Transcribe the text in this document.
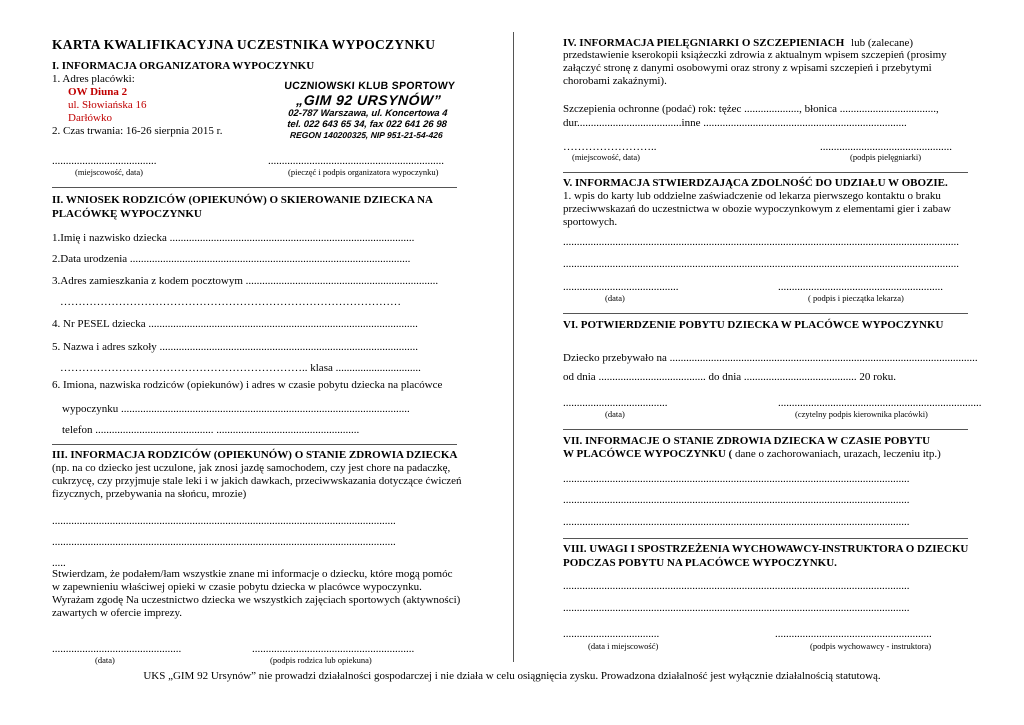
KARTA KWALIFIKACYJNA UCZESTNIKA WYPOCZYNKU
I. INFORMACJA ORGANIZATORA WYPOCZYNKU
1. Adres placówki:
OW Diuna 2
ul. Słowiańska 16
Darłówko
2. Czas trwania: 16-26 sierpnia 2015 r.
UCZNIOWSKI KLUB SPORTOWY
„GIM 92 URSYNÓW”
02-787 Warszawa, ul. Koncertowa 4
tel. 022 643 65 34, fax 022 641 26 98
REGON 140200325, NIP 951-21-54-426
......................................	................................................................
(miejscowość, data)	(pieczęć i podpis organizatora wypoczynku)
II. WNIOSEK RODZICÓW (OPIEKUNÓW) O SKIEROWANIE DZIECKA NA
PLACÓWKĘ WYPOCZYNKU
1.Imię i nazwisko dziecka .........................................................................................
2.Data urodzenia ......................................................................................................
3.Adres zamieszkania z kodem pocztowym ......................................................................
…………………………………………………………………………………
4. Nr PESEL dziecka ..................................................................................................
5. Nazwa i adres szkoły ..............................................................................................
………………………………………………………….. klasa ...............................
6. Imiona, nazwiska rodziców (opiekunów) i adres w czasie pobytu dziecka na placówce
wypoczynku .........................................................................................................
telefon ........................................... ....................................................
III. INFORMACJA RODZICÓW (OPIEKUNÓW) O STANIE ZDROWIA DZIECKA
(np. na co dziecko jest uczulone, jak znosi jazdę samochodem, czy jest chore na padaczkę, cukrzycę, czy przyjmuje stale leki i w jakich dawkach, przeciwwskazania dotyczące ćwiczeń fizycznych, przebywania na słońcu, mrozie)
.............................................................................................................................
.............................................................................................................................
.....
Stwierdzam, że podałem/łam wszystkie znane mi informacje o dziecku, które mogą pomóc w zapewnieniu właściwej opieki w czasie pobytu dziecka w placówce wypoczynku. Wyrażam zgodę Na uczestnictwo dziecka we wszystkich zajęciach sportowych (aktywności) zawartych w ofercie imprezy.
...............................................	...........................................................
(data)	(podpis rodzica lub opiekuna)
IV. INFORMACJA PIELĘGNIARKI O SZCZEPIENIACH lub (zalecane)
przedstawienie kserokopii książeczki zdrowia z aktualnym wpisem szczepień (prosimy załączyć stronę z danymi osobowymi oraz strony z wpisami szczepień i przebytymi chorobami zakaźnymi).
Szczepienia ochronne (podać) rok: tężec ...................., błonica ...................................,
dur......................................inne ..........................................................................
……………………..	................................................
(miejscowość, data)	(podpis pielęgniarki)
V. INFORMACJA STWIERDZAJĄCA ZDOLNOŚĆ DO UDZIAŁU W OBOZIE.
1. wpis do karty lub oddzielne zaświadczenie od lekarza pierwszego kontaktu o braku przeciwwskazań do uczestnictwa w obozie wypoczynkowym z elementami gier i zabaw sportowych.
................................................................................................................................................
................................................................................................................................................
..........................................	............................................................
(data)	( podpis i pieczątka lekarza)
VI. POTWIERDZENIE POBYTU DZIECKA W PLACÓWCE WYPOCZYNKU
Dziecko przebywało na ................................................................................................................
od dnia ....................................... do dnia ......................................... 20 roku.
......................................	..........................................................................
(data)	(czytelny podpis kierownika placówki)
VII. INFORMACJE O STANIE ZDROWIA DZIECKA W CZASIE POBYTU
W PLACÓWCE WYPOCZYNKU ( dane o zachorowaniach, urazach, leczeniu itp.)
..............................................................................................................................
..............................................................................................................................
..............................................................................................................................
VIII. UWAGI I SPOSTRZEŻENIA WYCHOWAWCY-INSTRUKTORA O DZIECKU
PODCZAS POBYTU NA PLACÓWCE WYPOCZYNKU.
..............................................................................................................................
..............................................................................................................................
...................................	.........................................................
(data i miejscowość)	(podpis wychowawcy - instruktora)
UKS „GIM 92 Ursynów” nie prowadzi działalności gospodarczej i nie działa w celu osiągnięcia zysku. Prowadzona działalność jest wyłącznie działalnością statutową.
